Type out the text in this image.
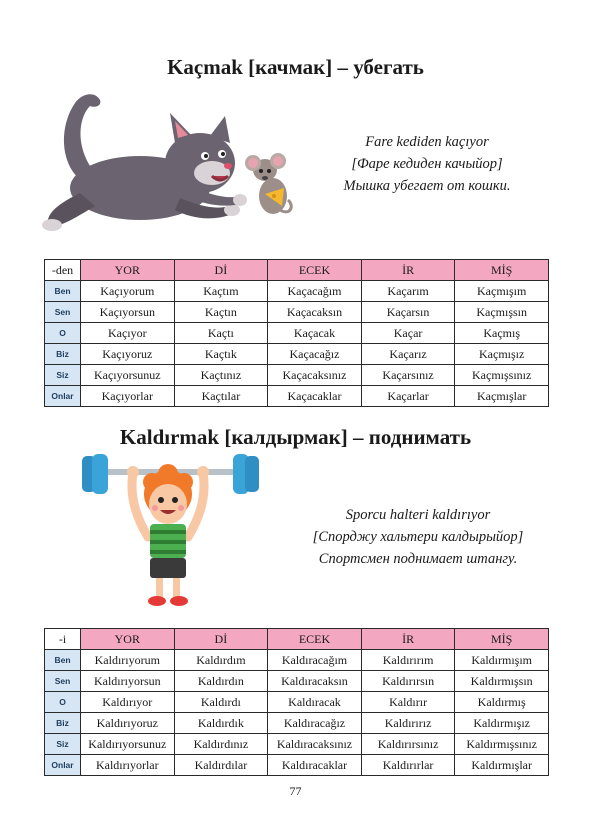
Kaçmak [качмак] – убегать
Fare kediden kaçıyor
[Фаре кедиден качыйор]
Мышка убегает от кошки.
-den	YOR	Dİ	ECEK	İR	MİŞ
Ben	Kaçıyorum	Kaçtım	Kaçacağım	Kaçarım	Kaçmışım
Sen	Kaçıyorsun	Kaçtın	Kaçacaksın	Kaçarsın	Kaçmışsın
O	Kaçıyor	Kaçtı	Kaçacak	Kaçar	Kaçmış
Biz	Kaçıyoruz	Kaçtık	Kaçacağız	Kaçarız	Kaçmışız
Siz	Kaçıyorsunuz	Kaçtınız	Kaçacaksınız	Kaçarsınız	Kaçmışsınız
Onlar	Kaçıyorlar	Kaçtılar	Kaçacaklar	Kaçarlar	Kaçmışlar
Kaldırmak [калдырмак] – поднимать
Sporcu halteri kaldırıyor
[Спорджу хальтери калдырыйор]
Спортсмен поднимает штангу.
-i	YOR	Dİ	ECEK	İR	MİŞ
Ben	Kaldırıyorum	Kaldırdım	Kaldıracağım	Kaldırırım	Kaldırmışım
Sen	Kaldırıyorsun	Kaldırdın	Kaldıracaksın	Kaldırırsın	Kaldırmışsın
O	Kaldırıyor	Kaldırdı	Kaldıracak	Kaldırır	Kaldırmış
Biz	Kaldırıyoruz	Kaldırdık	Kaldıracağız	Kaldırırız	Kaldırmışız
Siz	Kaldırıyorsunuz	Kaldırdınız	Kaldıracaksınız	Kaldırırsınız	Kaldırmışsınız
Onlar	Kaldırıyorlar	Kaldırdılar	Kaldıracaklar	Kaldırırlar	Kaldırmışlar
77
